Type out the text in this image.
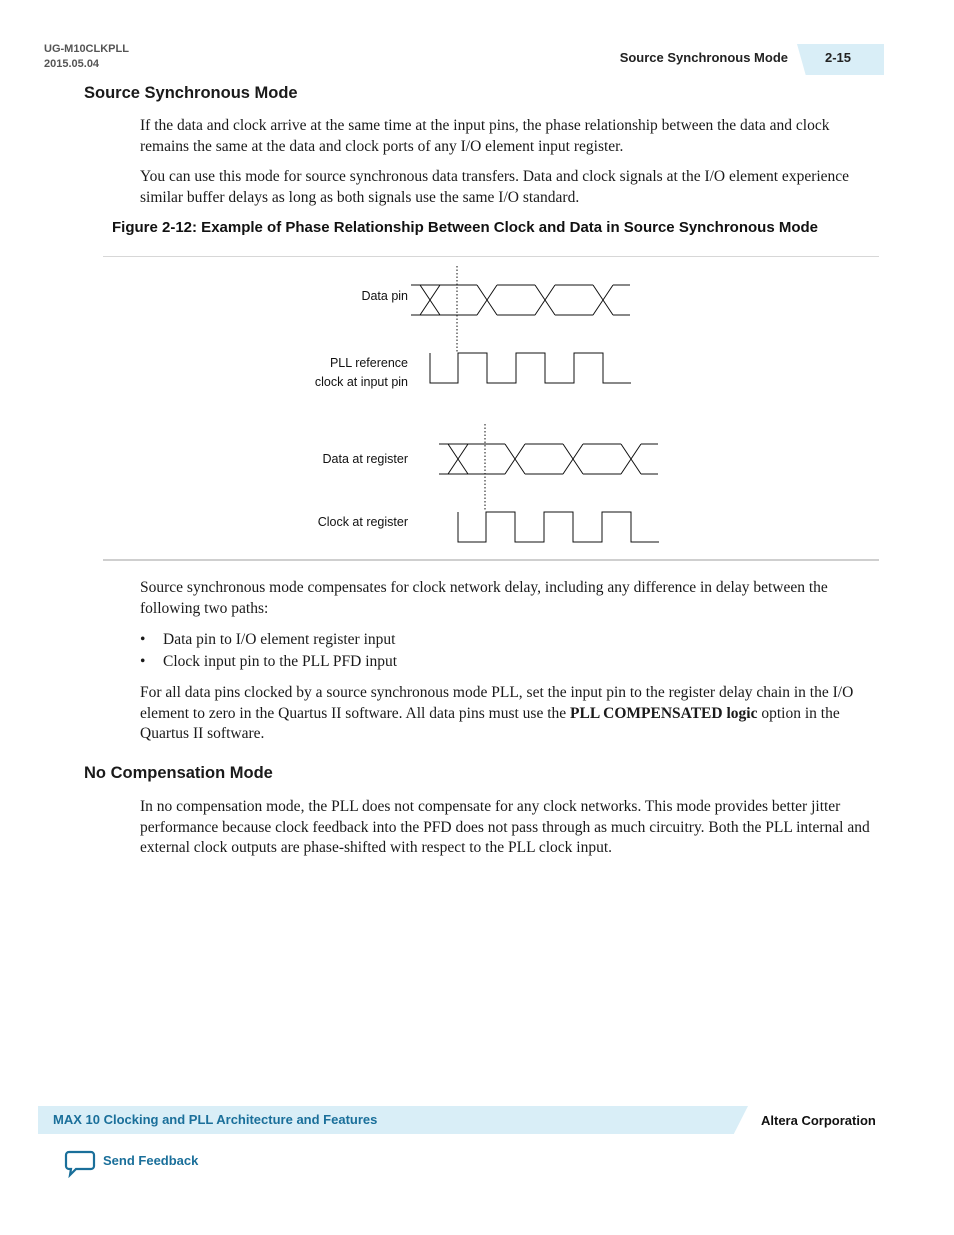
UG-M10CLKPLL
2015.05.04	Source Synchronous Mode	2-15
Source Synchronous Mode

If the data and clock arrive at the same time at the input pins, the phase relationship between the data and clock remains the same at the data and clock ports of any I/O element input register.

You can use this mode for source synchronous data transfers. Data and clock signals at the I/O element experience similar buffer delays as long as both signals use the same I/O standard.

Figure 2-12: Example of Phase Relationship Between Clock and Data in Source Synchronous Mode
Data pin
PLL reference
clock at input pin
Data at register
Clock at register

Source synchronous mode compensates for clock network delay, including any difference in delay between the following two paths:

• Data pin to I/O element register input
• Clock input pin to the PLL PFD input

For all data pins clocked by a source synchronous mode PLL, set the input pin to the register delay chain in the I/O element to zero in the Quartus II software. All data pins must use the PLL COMPENSATED logic option in the Quartus II software.

No Compensation Mode

In no compensation mode, the PLL does not compensate for any clock networks. This mode provides better jitter performance because clock feedback into the PFD does not pass through as much circuitry. Both the PLL internal and external clock outputs are phase-shifted with respect to the PLL clock input.

MAX 10 Clocking and PLL Architecture and Features	Altera Corporation
Send Feedback
